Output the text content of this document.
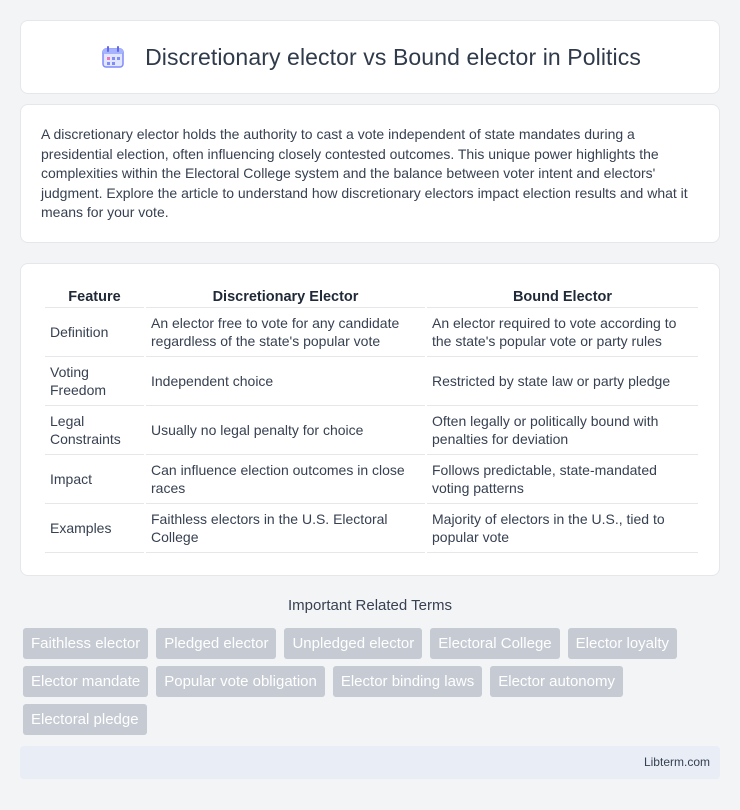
Discretionary elector vs Bound elector in Politics

A discretionary elector holds the authority to cast a vote independent of state mandates during a presidential election, often influencing closely contested outcomes. This unique power highlights the complexities within the Electoral College system and the balance between voter intent and electors' judgment. Explore the article to understand how discretionary electors impact election results and what it means for your vote.

Feature	Discretionary Elector	Bound Elector
Definition	An elector free to vote for any candidate regardless of the state's popular vote	An elector required to vote according to the state's popular vote or party rules
Voting Freedom	Independent choice	Restricted by state law or party pledge
Legal Constraints	Usually no legal penalty for choice	Often legally or politically bound with penalties for deviation
Impact	Can influence election outcomes in close races	Follows predictable, state-mandated voting patterns
Examples	Faithless electors in the U.S. Electoral College	Majority of electors in the U.S., tied to popular vote
Important Related Terms
Faithless elector	Pledged elector	Unpledged elector	Electoral College	Elector loyalty
Elector mandate	Popular vote obligation	Elector binding laws	Elector autonomy
Electoral pledge
Libterm.com
